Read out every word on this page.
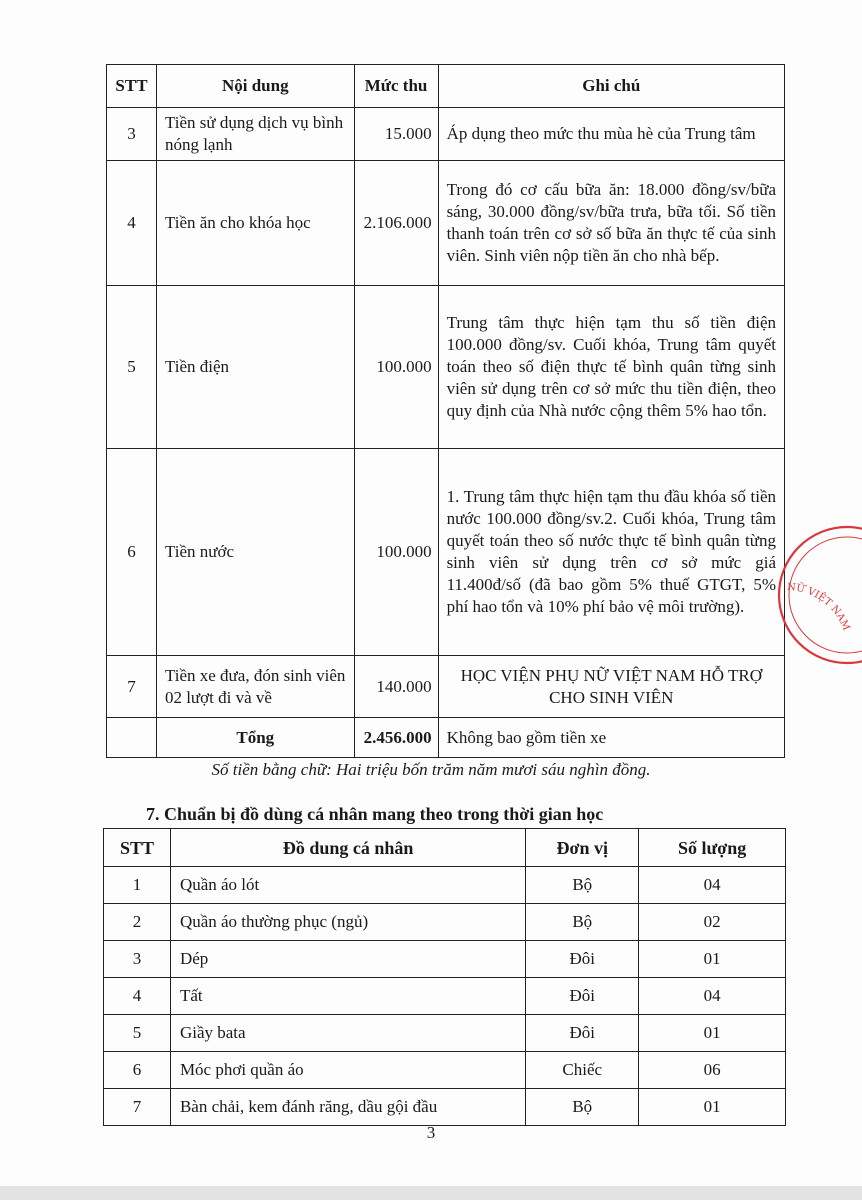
STT	Nội dung	Mức thu	Ghi chú
3	Tiền sử dụng dịch vụ bình nóng lạnh	15.000	Áp dụng theo mức thu mùa hè của Trung tâm
4	Tiền ăn cho khóa học	2.106.000	Trong đó cơ cấu bữa ăn: 18.000 đồng/sv/bữa sáng, 30.000 đồng/sv/bữa trưa, bữa tối. Số tiền thanh toán trên cơ sở số bữa ăn thực tế của sinh viên. Sinh viên nộp tiền ăn cho nhà bếp.
5	Tiền điện	100.000	Trung tâm thực hiện tạm thu số tiền điện 100.000 đồng/sv. Cuối khóa, Trung tâm quyết toán theo số điện thực tế bình quân từng sinh viên sử dụng trên cơ sở mức thu tiền điện, theo quy định của Nhà nước cộng thêm 5% hao tổn.
6	Tiền nước	100.000	1. Trung tâm thực hiện tạm thu đầu khóa số tiền nước 100.000 đồng/sv.2. Cuối khóa, Trung tâm quyết toán theo số nước thực tế bình quân từng sinh viên sử dụng trên cơ sở mức giá 11.400đ/số (đã bao gồm 5% thuế GTGT, 5% phí hao tổn và 10% phí bảo vệ môi trường).
7	Tiền xe đưa, đón sinh viên 02 lượt đi và về	140.000	HỌC VIỆN PHỤ NỮ VIỆT NAM HỖ TRỢ CHO SINH VIÊN
	Tổng	2.456.000	Không bao gồm tiền xe
Số tiền bằng chữ: Hai triệu bốn trăm năm mươi sáu nghìn đồng.
7. Chuẩn bị đồ dùng cá nhân mang theo trong thời gian học
STT	Đồ dung cá nhân	Đơn vị	Số lượng
1	Quần áo lót	Bộ	04
2	Quần áo thường phục (ngủ)	Bộ	02
3	Dép	Đôi	01
4	Tất	Đôi	04
5	Giầy bata	Đôi	01
6	Móc phơi quần áo	Chiếc	06
7	Bàn chải, kem đánh răng, dầu gội đầu	Bộ	01
3
NỮ VIỆT NAM
